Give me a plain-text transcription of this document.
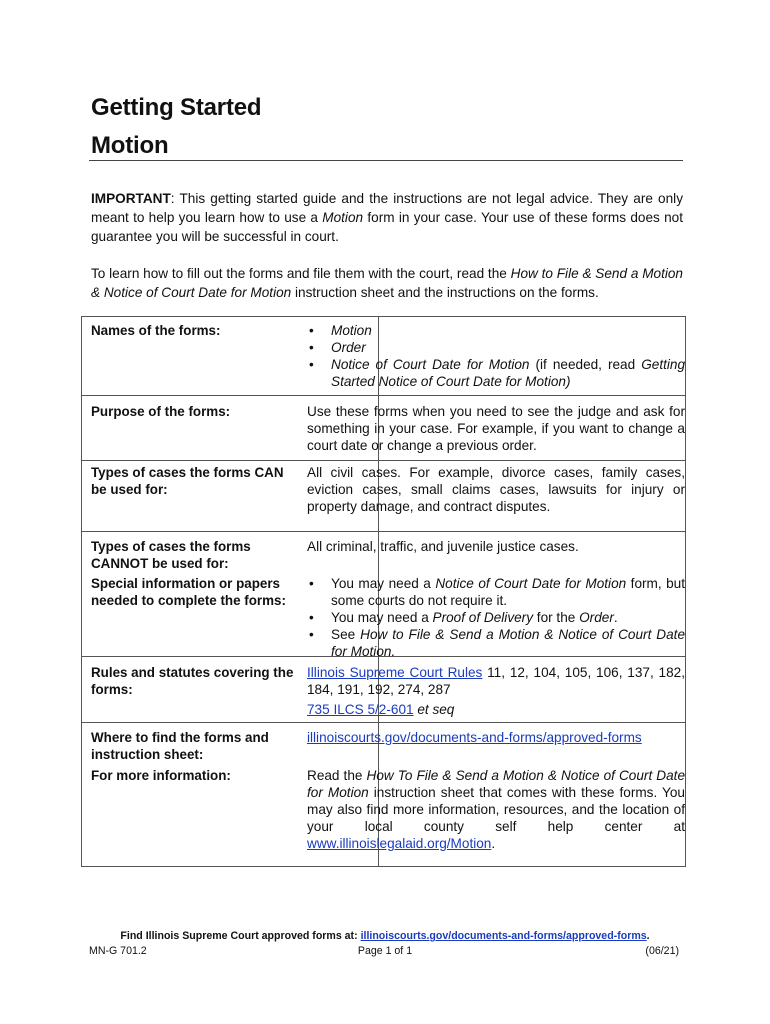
Getting Started
Motion
IMPORTANT: This getting started guide and the instructions are not legal advice. They are only meant to help you learn how to use a Motion form in your case. Your use of these forms does not guarantee you will be successful in court.
To learn how to fill out the forms and file them with the court, read the How to File & Send a Motion & Notice of Court Date for Motion instruction sheet and the instructions on the forms.
Names of the forms:
•	Motion
• Order
• Notice of Court Date for Motion (if needed, read Getting Started Notice of Court Date for Motion)
Purpose of the forms:	Use these forms when you need to see the judge and ask for something in your case. For example, if you want to change a court date or change a previous order.
Types of cases the forms CAN be used for:
All civil cases. For example, divorce cases, family cases, eviction cases, small claims cases, lawsuits for injury or property damage, and contract disputes.
Types of cases the forms CANNOT be used for:
All criminal, traffic, and juvenile justice cases.
Special information or papers needed to complete the forms:
• You may need a Notice of Court Date for Motion form, but some courts do not require it.
• You may need a Proof of Delivery for the Order.
• See How to File & Send a Motion & Notice of Court Date for Motion.
Rules and statutes covering the forms:
Illinois Supreme Court Rules 11, 12, 104, 105, 106, 137, 182, 184, 191, 192, 274, 287
735 ILCS 5/2-601 et seq
Where to find the forms and instruction sheet:
illinoiscourts.gov/documents-and-forms/approved-forms
For more information:	Read the How To File & Send a Motion & Notice of Court Date for Motion instruction sheet that comes with these forms. You may also find more information, resources, and the location of your local county self help center at www.illinoislegalaid.org/Motion.
Find Illinois Supreme Court approved forms at: illinoiscourts.gov/documents-and-forms/approved-forms.
MN-G 701.2	Page 1 of 1	(06/21)
